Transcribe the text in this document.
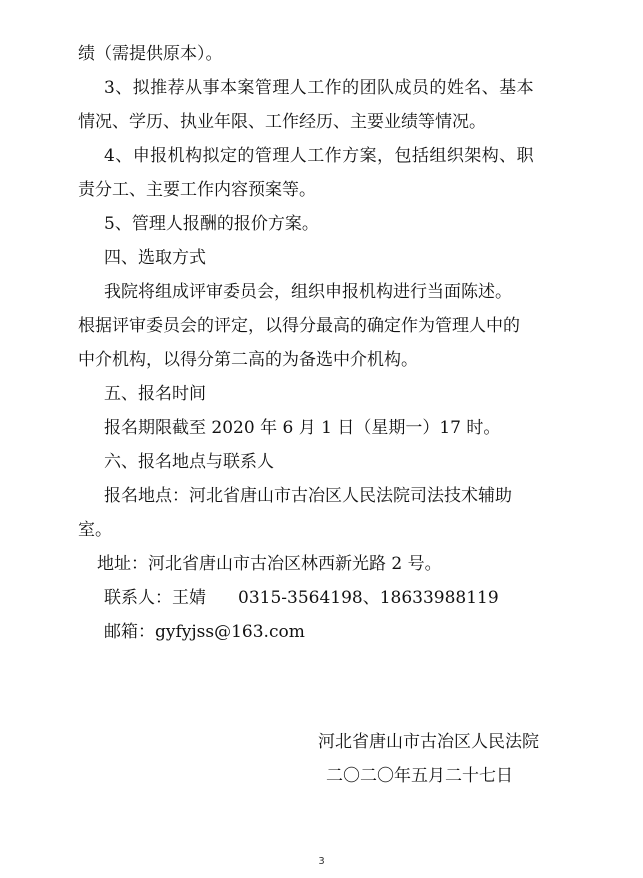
绩（需提供原本）。
3、拟推荐从事本案管理人工作的团队成员的姓名、基本
情况、学历、执业年限、工作经历、主要业绩等情况。
4、申报机构拟定的管理人工作方案，包括组织架构、职
责分工、主要工作内容预案等。
5、管理人报酬的报价方案。
四、选取方式
我院将组成评审委员会，组织申报机构进行当面陈述。
根据评审委员会的评定，以得分最高的确定作为管理人中的
中介机构，以得分第二高的为备选中介机构。
五、报名时间
报名期限截至 2020 年 6 月 1 日（星期一）17 时。
六、报名地点与联系人
报名地点：河北省唐山市古冶区人民法院司法技术辅助
室。
地址：河北省唐山市古冶区林西新光路 2 号。
联系人：王婧 0315-3564198、18633988119
邮箱：gyfyjss@163.com
河北省唐山市古冶区人民法院
二〇二〇年五月二十七日
3
